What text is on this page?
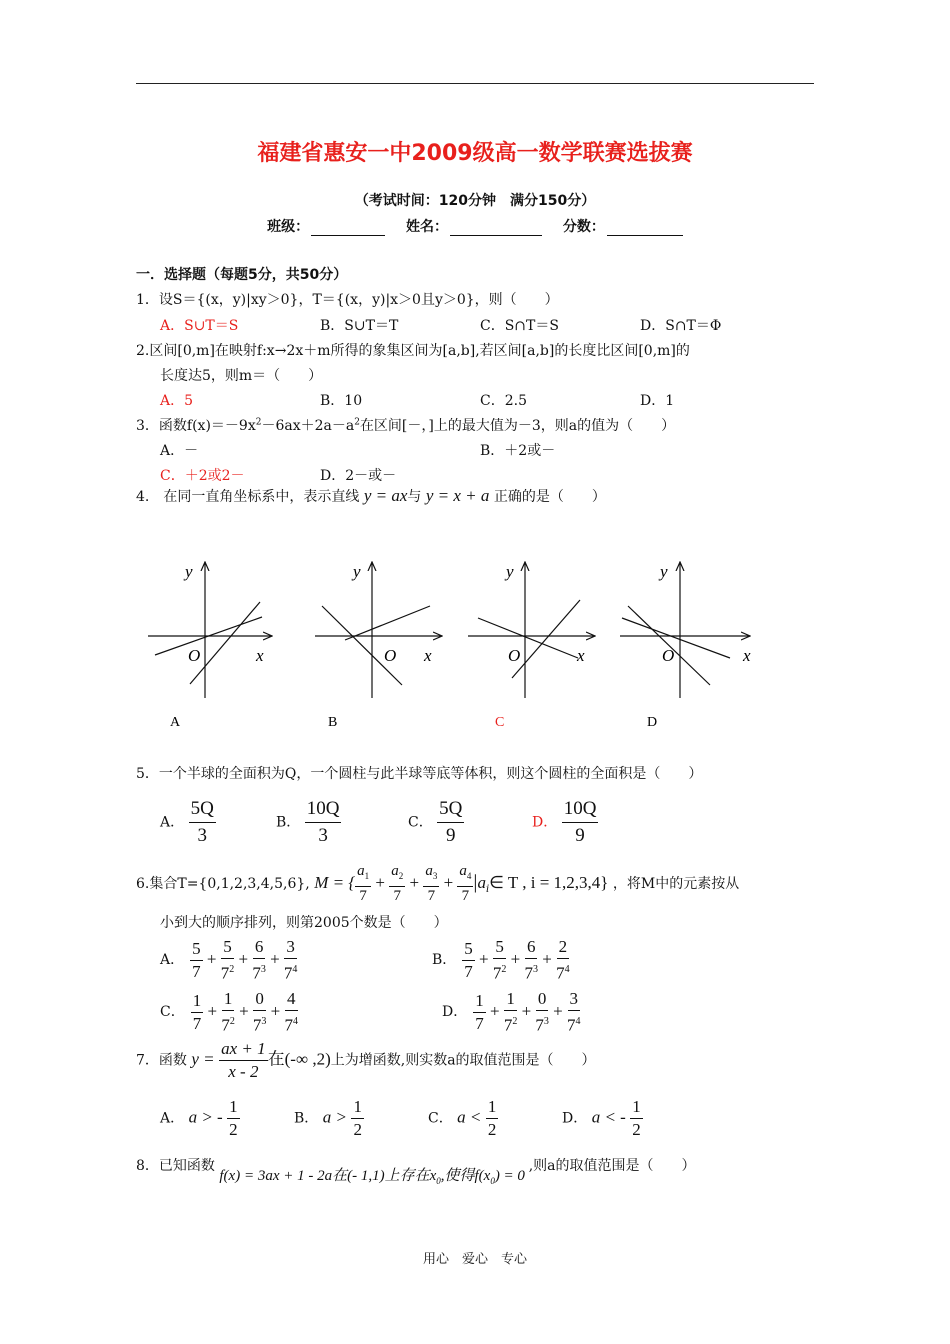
福建省惠安一中2009级高一数学联赛选拔赛
（考试时间：120分钟　满分150分）
班级：	姓名：	分数：
一．选择题（每题5分，共50分）
1．设S＝{(x，y)|xy＞0}，T＝{(x，y)|x＞0且y＞0}，则（　　）
A．S∪T＝S	B．S∪T＝T	C．S∩T＝S	D．S∩T＝Φ
2.区间[0,m]在映射f:x→2x＋m所得的象集区间为[a,b],若区间[a,b]的长度比区间[0,m]的
长度达5，则m＝（　　）
A．5	B．10	C．2.5	D．1
3．函数$f(x)=-9x^2-6ax+2a-a^2$在区间[－，]上的最大值为－3，则a的值为（　　）
A．－	B．＋2或－
C．＋2或2－	D．2－或－
4.　在同一直角坐标系中，表示直线 y = ax与 y = x + a 正确的是（　　）
y
x
O
A
y
x
O
B
y
x
O
C
y
x
O
D
5．一个半球的全面积为Q，一个圆柱与此半球等底等体积，则这个圆柱的全面积是（　　）
A． $\frac{5Q}{3}$	B． $\frac{10Q}{3}$	C． $\frac{5Q}{9}$	D． $\frac{10Q}{9}$
6.集合T={0,1,2,3,4,5,6}, M = { $\frac{a_1}{7} + \frac{a_2}{7} + \frac{a_3}{7} + \frac{a_4}{7}$ $|a_i\in$ T , i = 1,2,3,4} ，将M中的元素按从
小到大的顺序排列，则第2005个数是（　　）
A． $\frac{5}{7} + \frac{5}{7^2} + \frac{6}{7^3} + \frac{3}{7^4}$	B． $\frac{5}{7} + \frac{5}{7^2} + \frac{6}{7^3} + \frac{2}{7^4}$
C． $\frac{1}{7} + \frac{1}{7^2} + \frac{0}{7^3} + \frac{4}{7^4}$	D． $\frac{1}{7} + \frac{1}{7^2} + \frac{0}{7^3} + \frac{3}{7^4}$
7．函数 $y = \frac{ax + 1}{x - 2}$ 在(-∞ ,2)上为增函数,则实数a的取值范围是（　　）
A． a > - $\frac{1}{2}$	B． $a > \frac{1}{2}$	C． $a < \frac{1}{2}$	D． a < - $\frac{1}{2}$
8．已知函数 f(x) = 3ax + 1 - 2a在(- 1,1)上存在$x_0$,使得$f(x_0) = 0$ ,则a的取值范围是（　　）
用心　爱心　专心
